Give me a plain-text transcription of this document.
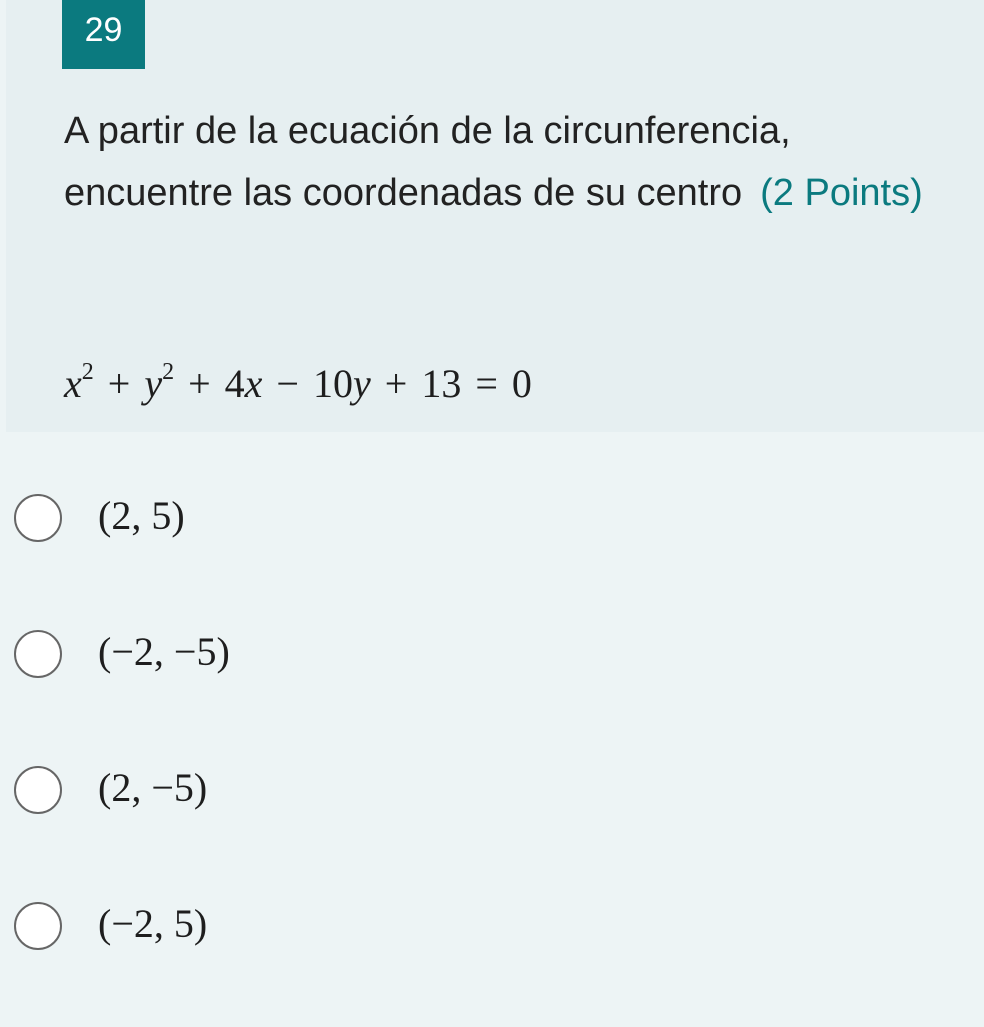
29
A partir de la ecuación de la circunferencia, encuentre las coordenadas de su centro (2 Points)
$x^2 + y^2 + 4x - 10y + 13 = 0$
(2, 5)
(−2, −5)
(2, −5)
(−2, 5)
